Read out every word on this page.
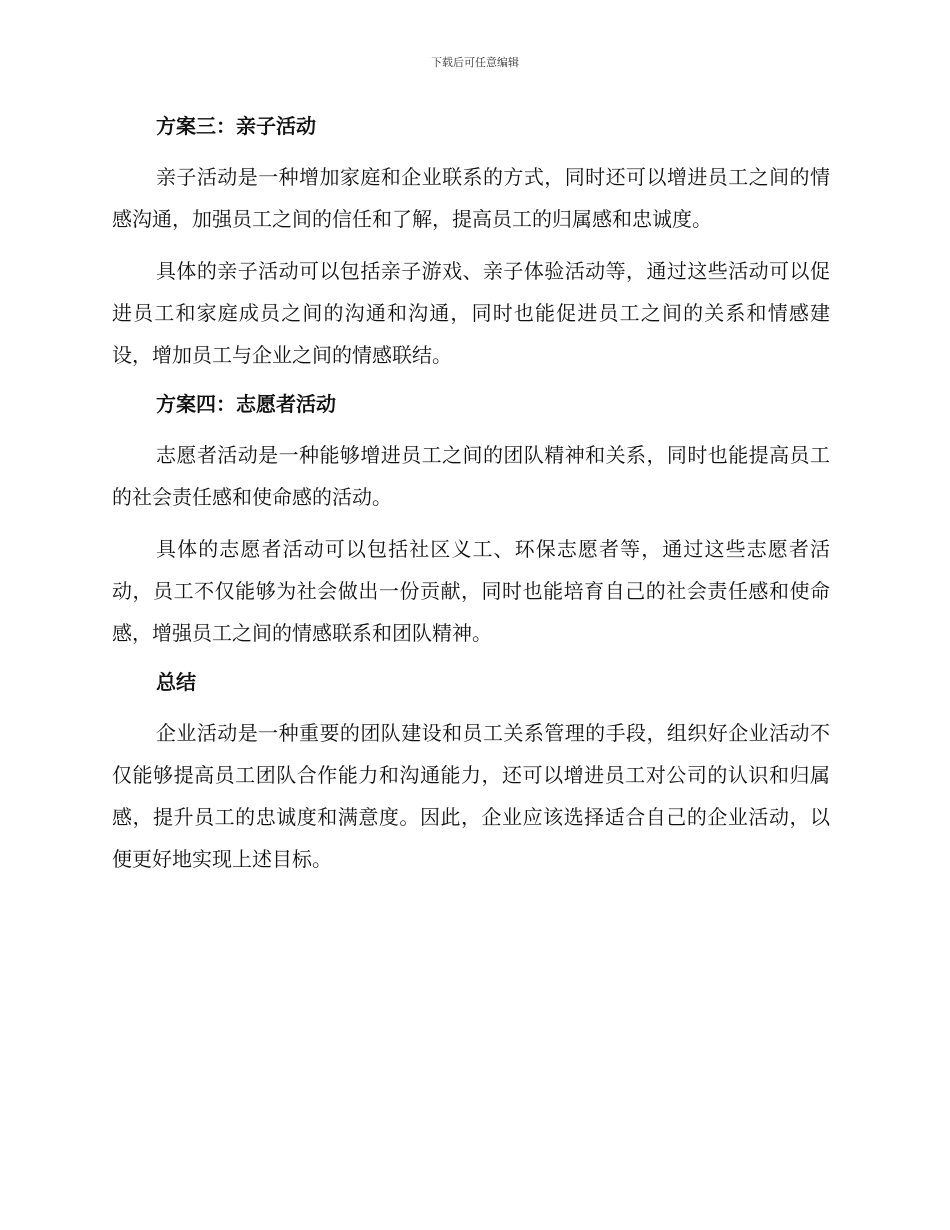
下载后可任意编辑
方案三：亲子活动

亲子活动是一种增加家庭和企业联系的方式，同时还可以增进员工之间的情感沟通，加强员工之间的信任和了解，提高员工的归属感和忠诚度。

具体的亲子活动可以包括亲子游戏、亲子体验活动等，通过这些活动可以促进员工和家庭成员之间的沟通和沟通，同时也能促进员工之间的关系和情感建设，增加员工与企业之间的情感联结。

方案四：志愿者活动

志愿者活动是一种能够增进员工之间的团队精神和关系，同时也能提高员工的社会责任感和使命感的活动。

具体的志愿者活动可以包括社区义工、环保志愿者等，通过这些志愿者活动，员工不仅能够为社会做出一份贡献，同时也能培育自己的社会责任感和使命感，增强员工之间的情感联系和团队精神。

总结

企业活动是一种重要的团队建设和员工关系管理的手段，组织好企业活动不仅能够提高员工团队合作能力和沟通能力，还可以增进员工对公司的认识和归属感，提升员工的忠诚度和满意度。因此，企业应该选择适合自己的企业活动，以便更好地实现上述目标。
